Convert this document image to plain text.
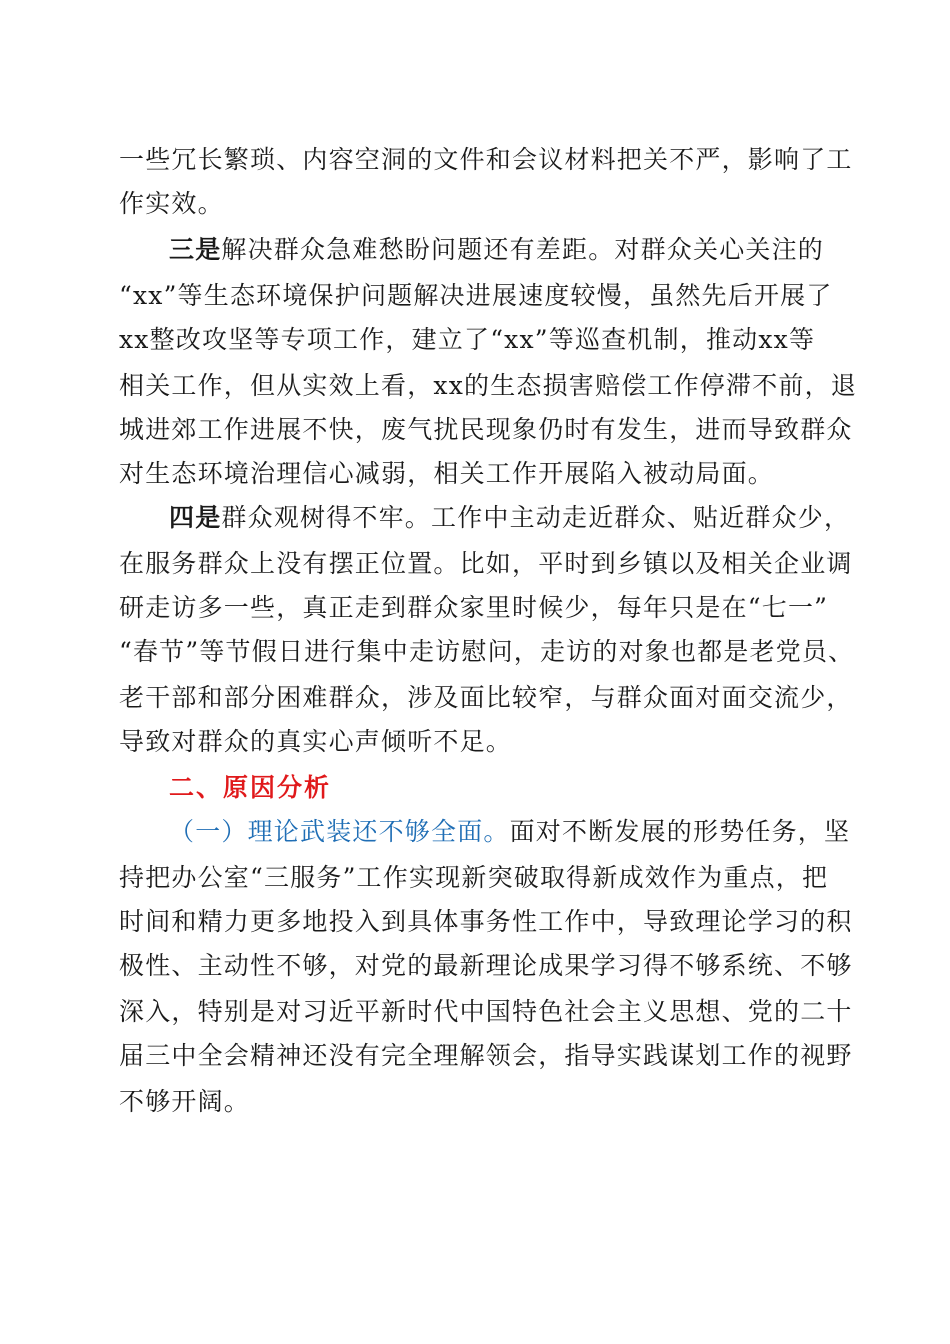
一些冗长繁琐、内容空洞的文件和会议材料把关不严，影响了工
作实效。
三是解决群众急难愁盼问题还有差距。对群众关心关注的
“xx”等生态环境保护问题解决进展速度较慢，虽然先后开展了
xx整改攻坚等专项工作，建立了“xx”等巡查机制，推动xx等
相关工作，但从实效上看，xx的生态损害赔偿工作停滞不前，退
城进郊工作进展不快，废气扰民现象仍时有发生，进而导致群众
对生态环境治理信心减弱，相关工作开展陷入被动局面。
四是群众观树得不牢。工作中主动走近群众、贴近群众少，
在服务群众上没有摆正位置。比如，平时到乡镇以及相关企业调
研走访多一些，真正走到群众家里时候少，每年只是在“七一”
“春节”等节假日进行集中走访慰问，走访的对象也都是老党员、
老干部和部分困难群众，涉及面比较窄，与群众面对面交流少，
导致对群众的真实心声倾听不足。
二、原因分析
（一）理论武装还不够全面。面对不断发展的形势任务，坚
持把办公室“三服务”工作实现新突破取得新成效作为重点，把
时间和精力更多地投入到具体事务性工作中，导致理论学习的积
极性、主动性不够，对党的最新理论成果学习得不够系统、不够
深入，特别是对习近平新时代中国特色社会主义思想、党的二十
届三中全会精神还没有完全理解领会，指导实践谋划工作的视野
不够开阔。
